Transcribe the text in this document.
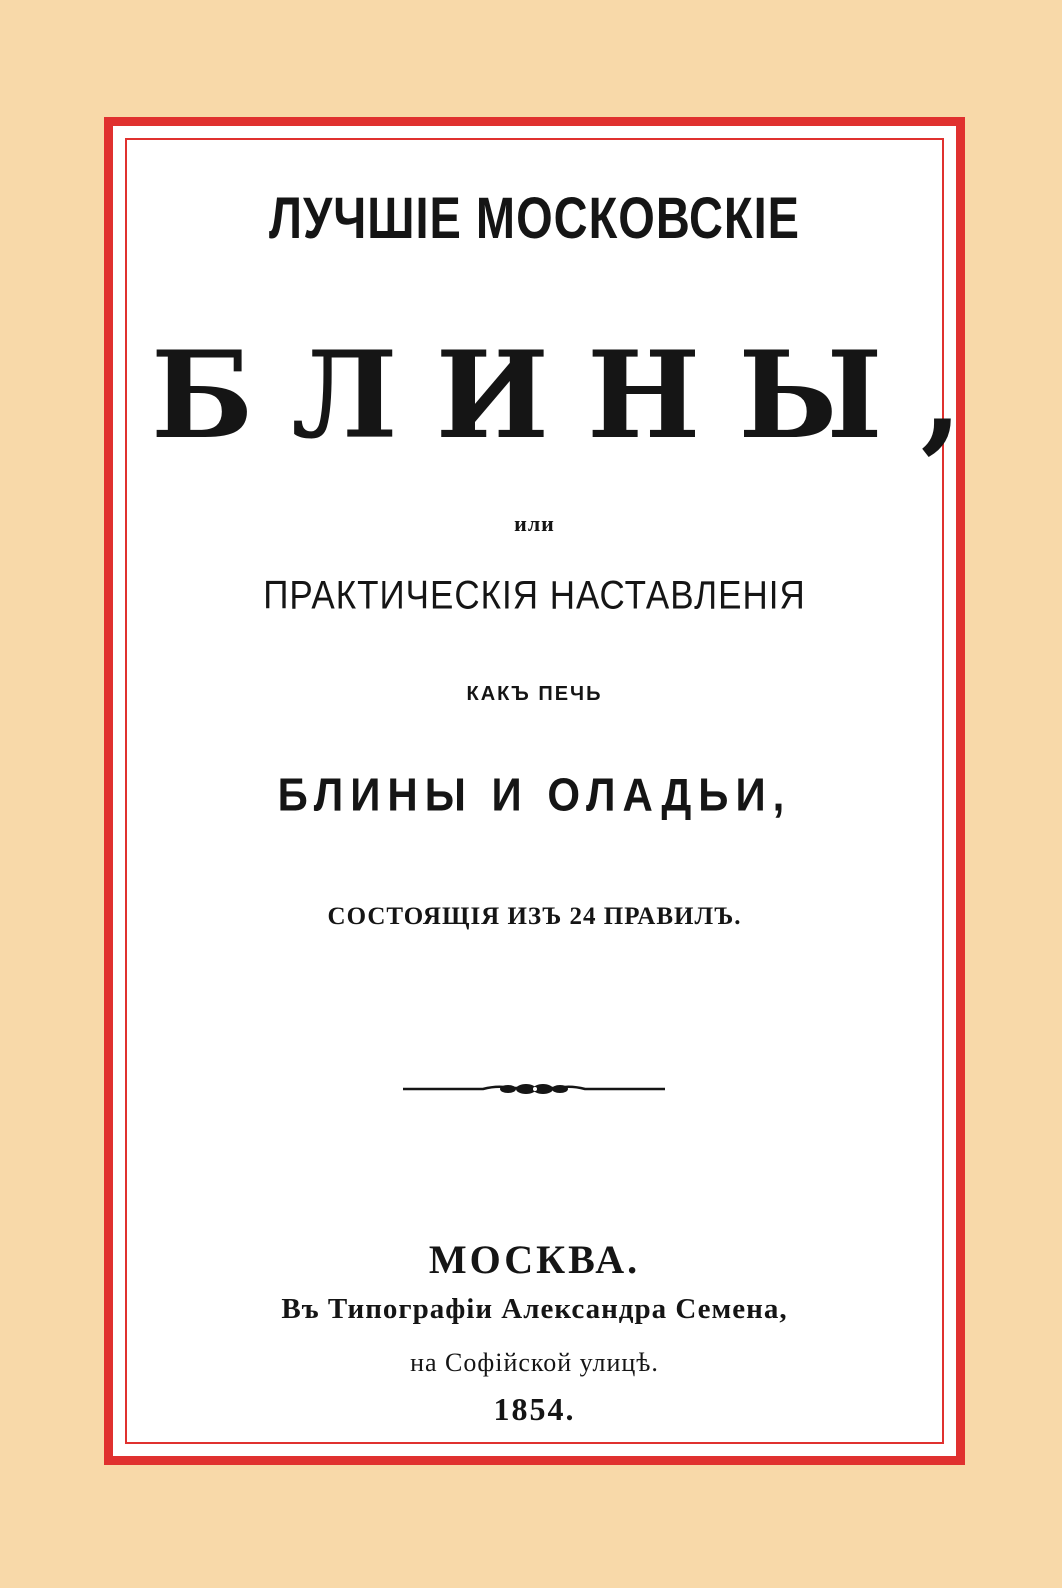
ЛУЧШІЕ МОСКОВСКІЕ
БЛИНЫ,
или
ПРАКТИЧЕСКІЯ НАСТАВЛЕНІЯ
КАКЪ ПЕЧЬ
БЛИНЫ И ОЛАДЬИ,
СОСТОЯЩІЯ ИЗЪ 24 ПРАВИЛЪ.
МОСКВА.
Въ Типографіи Александра Семена,
на Софійской улицѣ.
1854.
